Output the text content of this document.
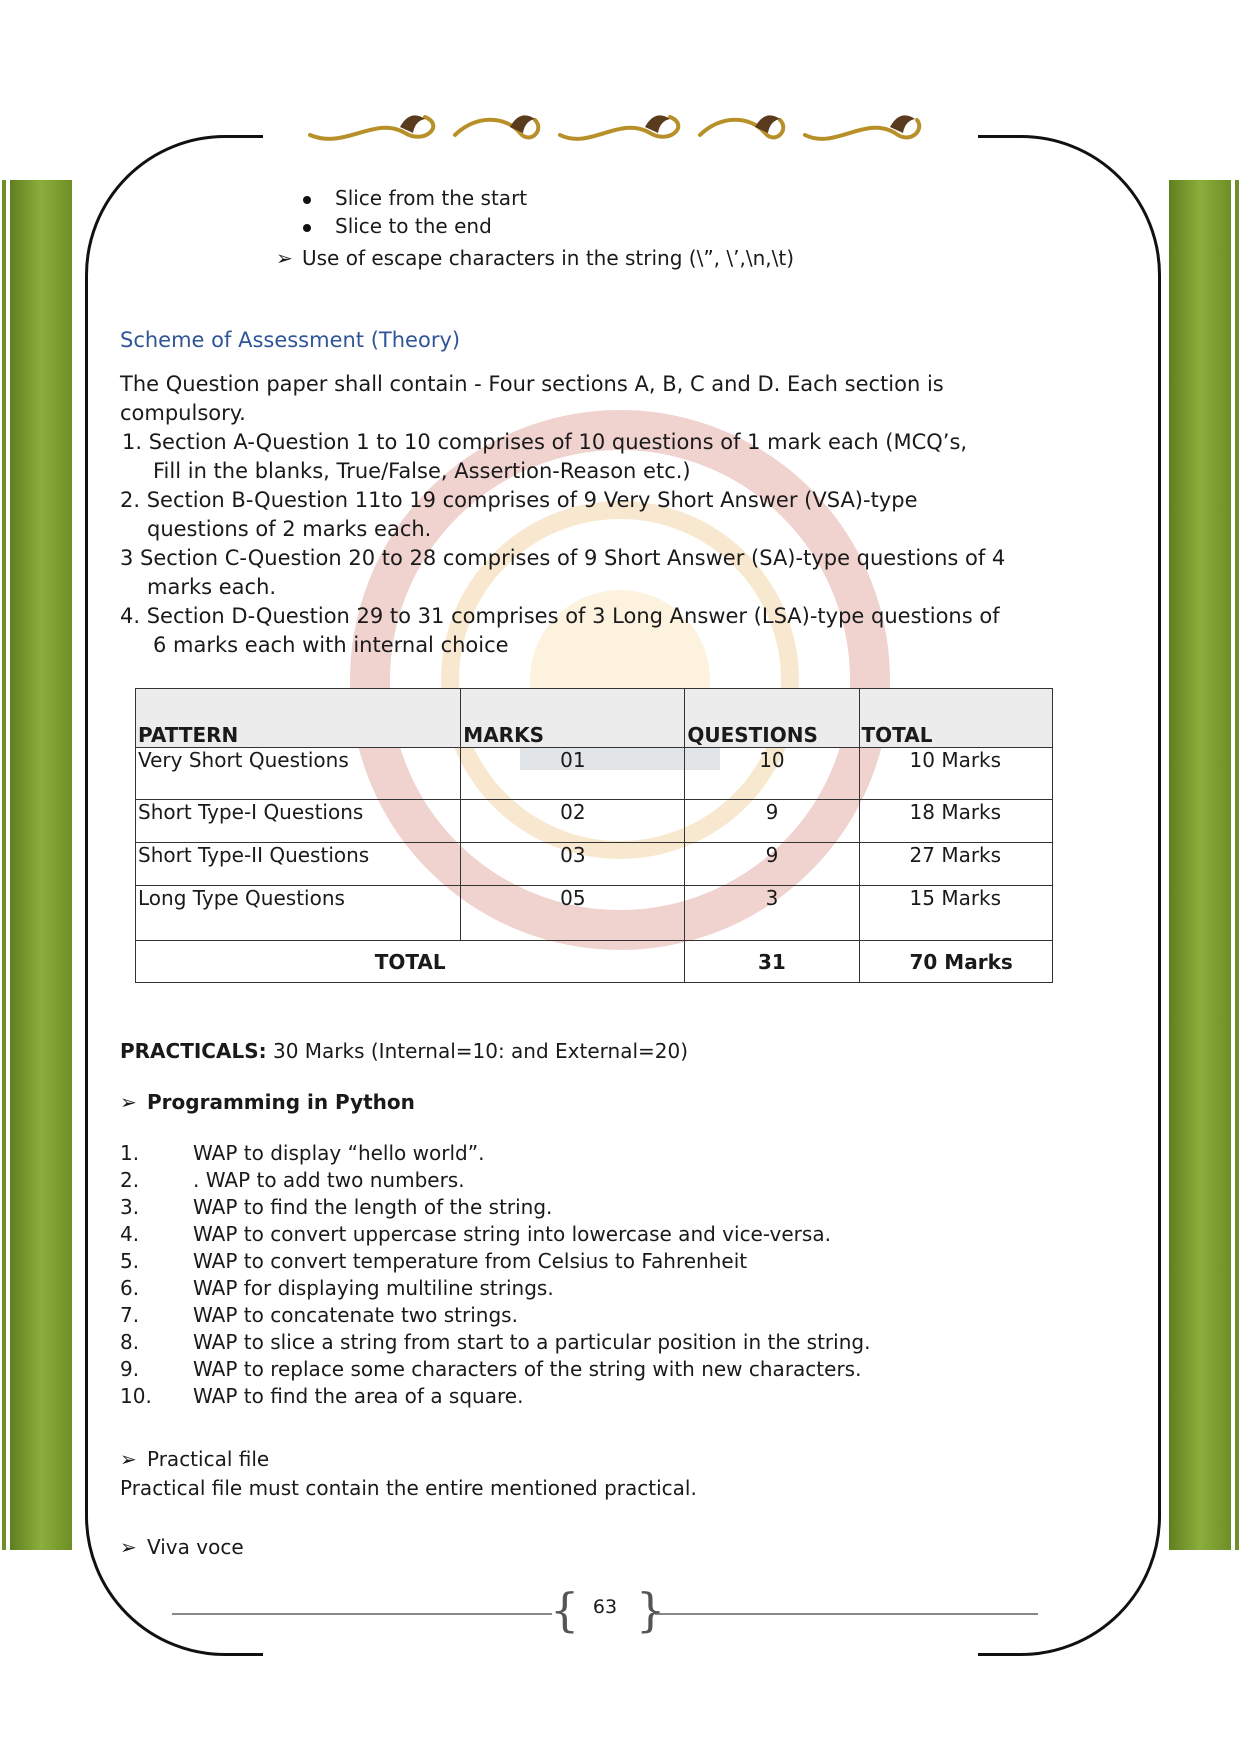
Slice from the start
Slice to the end
➢ Use of escape characters in the string (\”, \’,\n,\t)
Scheme of Assessment (Theory)
The Question paper shall contain - Four sections A, B, C and D. Each section is
compulsory.
1. Section A-Question 1 to 10 comprises of 10 questions of 1 mark each (MCQ’s,
Fill in the blanks, True/False, Assertion-Reason etc.)
2. Section B-Question 11to 19 comprises of 9 Very Short Answer (VSA)-type
questions of 2 marks each.
3 Section C-Question 20 to 28 comprises of 9 Short Answer (SA)-type questions of 4
marks each.
4. Section D-Question 29 to 31 comprises of 3 Long Answer (LSA)-type questions of
6 marks each with internal choice
PATTERN	MARKS	QUESTIONS	TOTAL
Very Short Questions	01	10	10 Marks
Short Type-I Questions	02	9	18 Marks
Short Type-II Questions	03	9	27 Marks
Long Type Questions	05	3	15 Marks
TOTAL		31	70 Marks
PRACTICALS: 30 Marks (Internal=10: and External=20)
➢ Programming in Python
1.	WAP to display “hello world”.
2.	. WAP to add two numbers.
3.	WAP to find the length of the string.
4.	WAP to convert uppercase string into lowercase and vice-versa.
5.	WAP to convert temperature from Celsius to Fahrenheit
6.	WAP for displaying multiline strings.
7.	WAP to concatenate two strings.
8.	WAP to slice a string from start to a particular position in the string.
9.	WAP to replace some characters of the string with new characters.
10. WAP to find the area of a square.
➢ Practical file
Practical file must contain the entire mentioned practical.
➢ Viva voce
{ }
63
